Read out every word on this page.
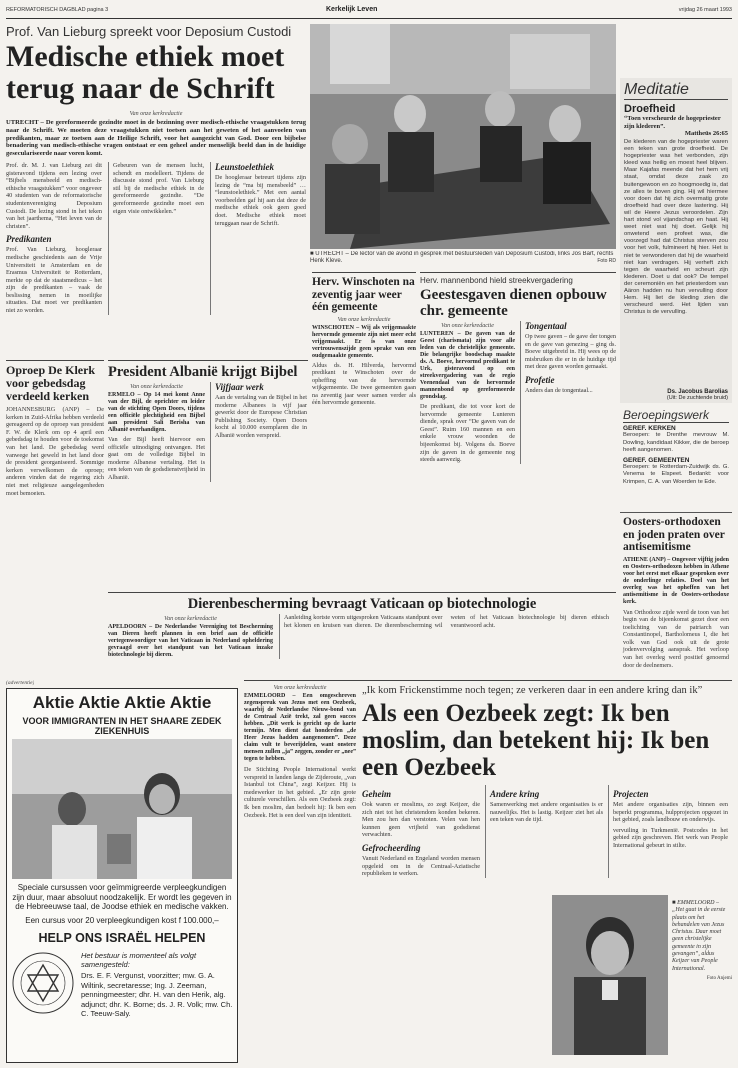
REFORMATORISCH DAGBLAD pagina 3	Kerkelijk Leven	vrijdag 26 maart 1993
Prof. Van Lieburg spreekt voor Deposium Custodi
Medische ethiek moet terug naar de Schrift
Van onze kerkredactie
UTRECHT – De gereformeerde gezindte moet in de bezinning over medisch-ethische vraagstukken terug naar de Schrift. We moeten deze vraagstukken niet toetsen aan het geweten of het aanvoelen van predikanten, maar ze toetsen aan de Heilige Schrift, voor het aangezicht van God. Door een bijbelse benadering van medisch-ethische vragen ontstaat er een geheel ander menselijk beeld dan in de huidige geseculariseerde naar voren komt.
Prof. dr. M. J. van Lieburg zei dit gisteravond tijdens een lezing over “Bijbels mensbeeld en medisch-ethische vraagstukken” voor ongeveer 40 studenten van de reformatorische studentenvereniging Deposium Custodi. De lezing stond in het teken van het jaarthema, “Het leven van de christen”.
Predikanten
Prof. Van Lieburg, hoogleraar medische geschiedenis aan de Vrije Universiteit te Amsterdam en de Erasmus Universiteit te Rotterdam, merkte op dat de staatsmedicus – het zijn de predikanten – vaak de beslissing nemen in moeilijke situaties. Dat moet ver predikanten niet zo worden.
Gebeuren van de mensen lucht, schendt en modelleert. Tijdens de discussie stond prof. Van Lieburg stil bij de medische ethiek in de gereformeerde gezindte. “De gereformeerde gezindte moet een eigen visie ontwikkelen.”
Leunstoelethiek
De hoogleraar betreurt tijdens zijn lezing de “ma bij mensbeeld” … “leunstoelethiek.” Met een aantal voorbeelden gaf hij aan dat deze de medische ethiek ook geen goed doet. Medische ethiek moet teruggaan naar de Schrift.
■ UTRECHT – De lector van de avond in gesprek met bestuursleden van Deposium Custodi, links Jos Bart, rechts Henk Kleve.	Foto RD
Meditatie
Droefheid
“Toen verscheurde de hogepriester zijn klederen”.
Mattheüs 26:65
De klederen van de hogepriester waren een teken van grote droefheid. De hogepriester was het verbonden, zijn kleed was heilig en moest heel blijven. Maar Kajafas meende dat het hem vrij staat, omdat deze zaak zo buitengewoon en zo hoogmoedig is, dat ze alles te boven ging. Hij wil hiermee voor doen dat hij zich overmatig grote droefheid had over deze lastering. Hij wil de Heere Jezus veroordelen. Zijn hart stond vol vijandschap en haat. Hij weet niet wat hij doet. Gelijk hij onwetend een profeet was, die voorzegd had dat Christus sterven zou voor het volk, fulmineert hij hier. Het is niet te verwonderen dat hij de waarheid niet kan verdragen. Hij verheft zich tegen de waarheid en scheurt zijn klederen. Doet u dat ook? De tempel der ceremoniën en het priesterdom van Aäron hadden nu hun vervulling door Hem. Hij liet de kleding zien die verscheurd werd. Het lijden van Christus is de vervulling.
Ds. Jacobus Barolias
(Uit: De zuchtende bruid)
Beroepingswerk
GEREF. KERKEN
Beroepen: te Drenthe mevrouw M. Dowling, kandidaat Kikker, die de beroep heeft aangenomen.
GEREF. GEMEENTEN
Beroepen: te Rotterdam-Zuidwijk ds. G. Venema te Elspeet. Bedankt: voor Krimpen, C. A. van Woerden te Ede.
Oosters-orthodoxen en joden praten over antisemitisme
ATHENE (ANP) – Ongeveer vijftig joden en Oosters-orthodoxen hebben in Athene voor het eerst met elkaar gesproken over de onderlinge relaties. Doel van het overleg was het opheffen van het antisemitisme in de Oosters-orthodoxe kerk.
Van Orthodoxe zijde werd de toon van het begin van de bijeenkomst gezet door een toelichting van de patriarch van Constantinopel, Bartholomeus I, die het volk van God ook uit de grote jodenvervolging aansprak. Het verloop van het overleg werd positief genoemd door de deelnemers.
Oproep De Klerk voor gebedsdag verdeeld kerken
JOHANNESBURG (ANP) – De kerken in Zuid-Afrika hebben verdeeld gereageerd op de oproep van president F. W. de Klerk om op 4 april een gebedsdag te houden voor de toekomst van het land. De gebedsdag werd vanwege het geweld in het land door de president georganiseerd. Sommige kerken verwelkomen de oproep; anderen vinden dat de regering zich niet met religieuze aangelegenheden moet bemoeien.
President Albanië krijgt Bijbel
Van onze kerkredactie
ERMELO – Op 14 mei komt Anne van der Bijl, de oprichter en leider van de stichting Open Doors, tijdens een officiële plechtigheid een Bijbel aan president Sali Berisha van Albanië overhandigen.
Van der Bijl heeft hiervoor een officiële uitnodiging ontvangen. Het gaat om de volledige Bijbel in moderne Albanese vertaling. Het is een teken van de godsdienstvrijheid in Albanië.
Vijfjaar werk
Aan de vertaling van de Bijbel in het moderne Albanees is vijf jaar gewerkt door de Europese Christian Publishing Society. Open Doors kocht al 10.000 exemplaren die in Albanië worden verspreid.
Herv. Winschoten na zeventig jaar weer één gemeente
Van onze kerkredactie
WINSCHOTEN – Wij als vrijgemaakte hervormde gemeente zijn niet meer echt vrijgemaakt. Er is van onze vertrouwenszijde geen sprake van een oudgemaakte gemeente.
Aldus ds. H. Hilverda, hervormd predikant te Winschoten over de opheffing van de hervormde wijkgemeente. De twee gemeenten gaan na zeventig jaar weer samen verder als één hervormde gemeente.
Herv. mannenbond hield streekvergadering
Geestesgaven dienen opbouw chr. gemeente
Van onze kerkredactie
LUNTEREN – De gaven van de Geest (charismata) zijn voor alle leden van de christelijke gemeente. Die belangrijke boodschap maakte ds. A. Boeve, hervormd predikant te Urk, gisteravond op een streekvergadering van de regio Veenendaal van de hervormde mannenbond op gereformeerde grondslag.
De predikant, die tot voor kort de hervormde gemeente Lunteren diende, sprak over “De gaven van de Geest”. Ruim 160 mannen en een enkele vrouw woonden de bijeenkomst bij. Volgens ds. Boeve zijn de gaven in de gemeente nog steeds aanwezig.
Tongentaal
Op twee gaven – de gave der tongen en de gave van genezing – ging ds. Boeve uitgebreid in. Hij wees op de misbruiken die er in de huidige tijd met deze gaven worden gemaakt.
Profetie
Anders dan de tongentaal...
Dierenbescherming bevraagt Vaticaan op biotechnologie
Van onze kerkredactie
APELDOORN – De Nederlandse Vereniging tot Bescherming van Dieren heeft plannen in een brief aan de officiële vertegenwoordiger van het Vaticaan in Nederland opheldering gevraagd over het standpunt van het Vaticaan inzake biotechnologie bij dieren.
Aanleiding kortste vorm uitgesproken Vaticaans standpunt over het klonen en kruisen van dieren. De dierenbescherming wil weten of het Vaticaan biotechnologie bij dieren ethisch verantwoord acht.
(advertentie)
Aktie Aktie Aktie Aktie
VOOR IMMIGRANTEN IN HET SHAARE ZEDEK ZIEKENHUIS
Speciale cursussen voor geïmmigreerde verpleegkundigen zijn duur, maar absoluut noodzakelijk. Er wordt les gegeven in de Hebreeuwse taal, de Joodse ethiek en medische vakken.
Een cursus voor 20 verpleegkundigen kost f 100.000,–
HELP ONS ISRAËL HELPEN
Het bestuur is momenteel als volgt samengesteld:
Drs. E. F. Vergunst, voorzitter; mw. G. A. Wiltink, secretaresse; Ing. J. Zeeman, penningmeester; dhr. H. van den Herik, alg. adjunct; dhr. K. Borne; ds. J. R. Volk; mw. Ch. C. Teeuw-Saly.
Van onze kerkredactie
EMMELOORD – Een omgeschreven zegenspreuk van Jezus met een Oezbeek, waarbij de Nederlandse Nieuw-bond van de Centraal Azië trekt, zal geen succes hebben. „Dit werk is gericht op de karte termijn. Men dient dat honderden „de Heer Jezus hadden aangenomen”. Deze claim vult te beverijdelen, want onstere mensen zullen „ja” zeggen, zonder er „nee” tegen te hebben.
De Stichting People International werkt verspreid in landen langs de Zijderoute, „van Istanbul tot China”, zegt Keijzer. Hij is medewerker in het gebied. „Er zijn grote culturele verschillen. Als een Oezbeek zegt: Ik ben moslim, dan bedoelt hij: Ik ben een Oezbeek. Het is een deel van zijn identiteit.
„Ik kom Frickenstimme noch tegen; ze verkeren daar in een andere kring dan ik”
Als een Oezbeek zegt: Ik ben moslim, dan betekent hij: Ik ben een Oezbeek
Geheim
Ook waren er moslims, zo zegt Keijzer, die zich niet tot het christendom konden bekeren. Men zou hen dan verstoten. Velen van hen kunnen geen vrijheid van godsdienst verwachten.
Gefrocheerding
Vanuit Nederland en Engeland worden mensen opgeleid om in de Centraal-Aziatische republieken te werken.
Andere kring
Samenwerking met andere organisaties is er nauwelijks. Het is lastig. Keijzer ziet het als een teken van de tijd.
Projecten
Met andere organisaties zijn, binnen een beperkt programma, hulpprojecten opgezet in het gebied, zoals landbouw en onderwijs.
vervuiling in Turkmenië. Postcodes in het gebied zijn geschreven. Het werk van People International gebeurt in stilte.
■ EMMELOORD – „Het gaat in de eerste plaats om het behandelen van Jezus Christus. Daar moet geen christelijke gemeente in zijn gevangen”, aldus Keijzer van People International.
Foto Anjemi
